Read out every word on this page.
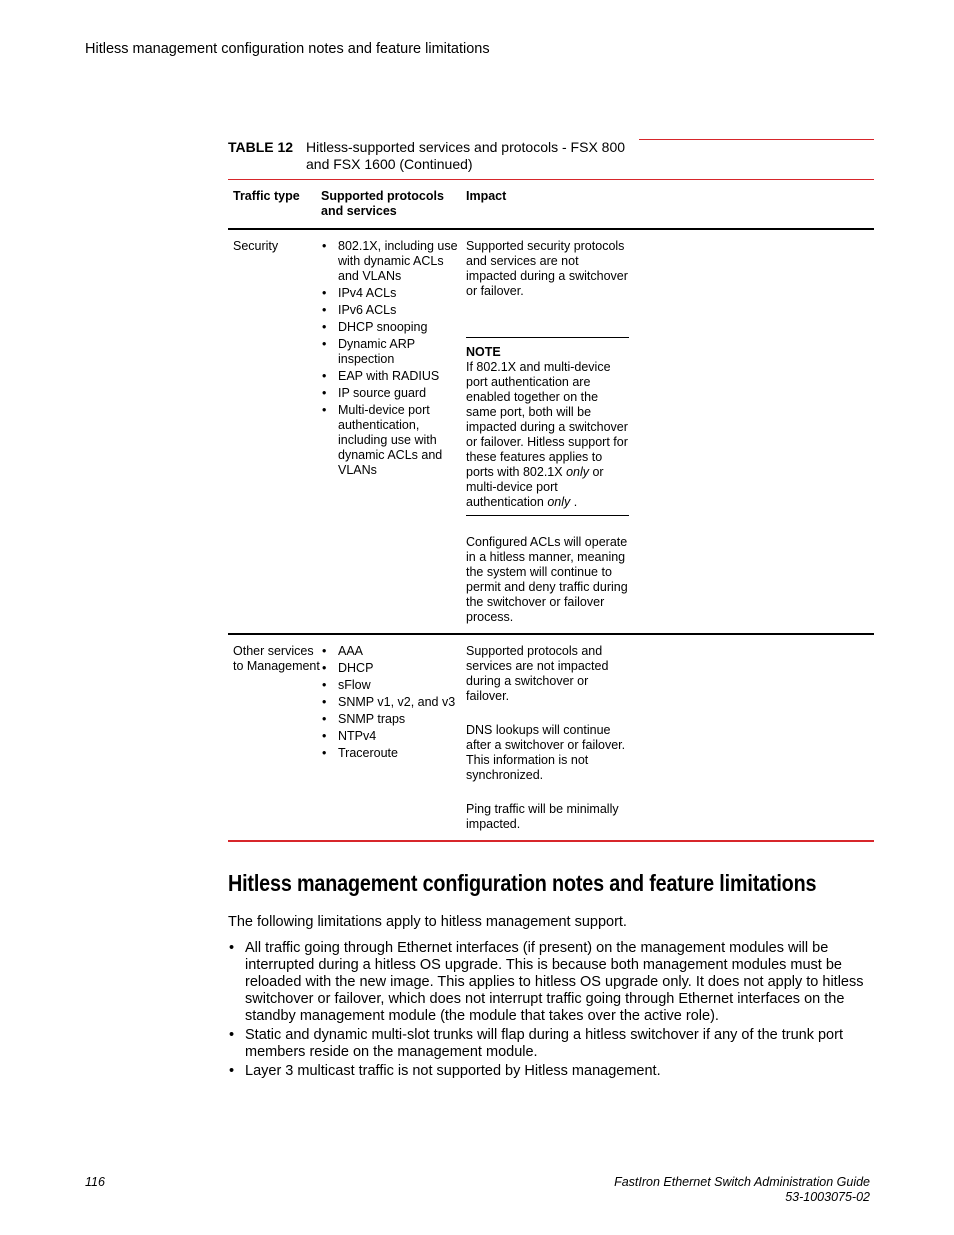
Hitless management configuration notes and feature limitations
TABLE 12 Hitless-supported services and protocols - FSX 800 and FSX 1600 (Continued)
Traffic type	Supported protocols and services
Impact
Security
•	802.1X, including use with dynamic ACLs and VLANs
• IPv4 ACLs
• IPv6 ACLs
• DHCP snooping
• Dynamic ARP inspection
• EAP with RADIUS
• IP source guard
• Multi-device port authentication, including use with dynamic ACLs and VLANs

Supported security protocols and services are not impacted during a switchover or failover.

NOTE
If 802.1X and multi-device port authentication are enabled together on the same port, both will be impacted during a switchover or failover. Hitless support for these features applies to ports with 802.1X only or multi-device port authentication only .

Configured ACLs will operate in a hitless manner, meaning the system will continue to permit and deny traffic during the switchover or failover process.

Other services to Management
• AAA
• DHCP
• sFlow
• SNMP v1, v2, and v3
• SNMP traps
• NTPv4
• Traceroute

Supported protocols and services are not impacted during a switchover or failover.

DNS lookups will continue after a switchover or failover. This information is not synchronized.

Ping traffic will be minimally impacted.

Hitless management configuration notes and feature limitations
The following limitations apply to hitless management support.
• All traffic going through Ethernet interfaces (if present) on the management modules will be interrupted during a hitless OS upgrade. This is because both management modules must be reloaded with the new image. This applies to hitless OS upgrade only. It does not apply to hitless switchover or failover, which does not interrupt traffic going through Ethernet interfaces on the standby management module (the module that takes over the active role).
• Static and dynamic multi-slot trunks will flap during a hitless switchover if any of the trunk port members reside on the management module.
• Layer 3 multicast traffic is not supported by Hitless management.
116	FastIron Ethernet Switch Administration Guide
53-1003075-02
